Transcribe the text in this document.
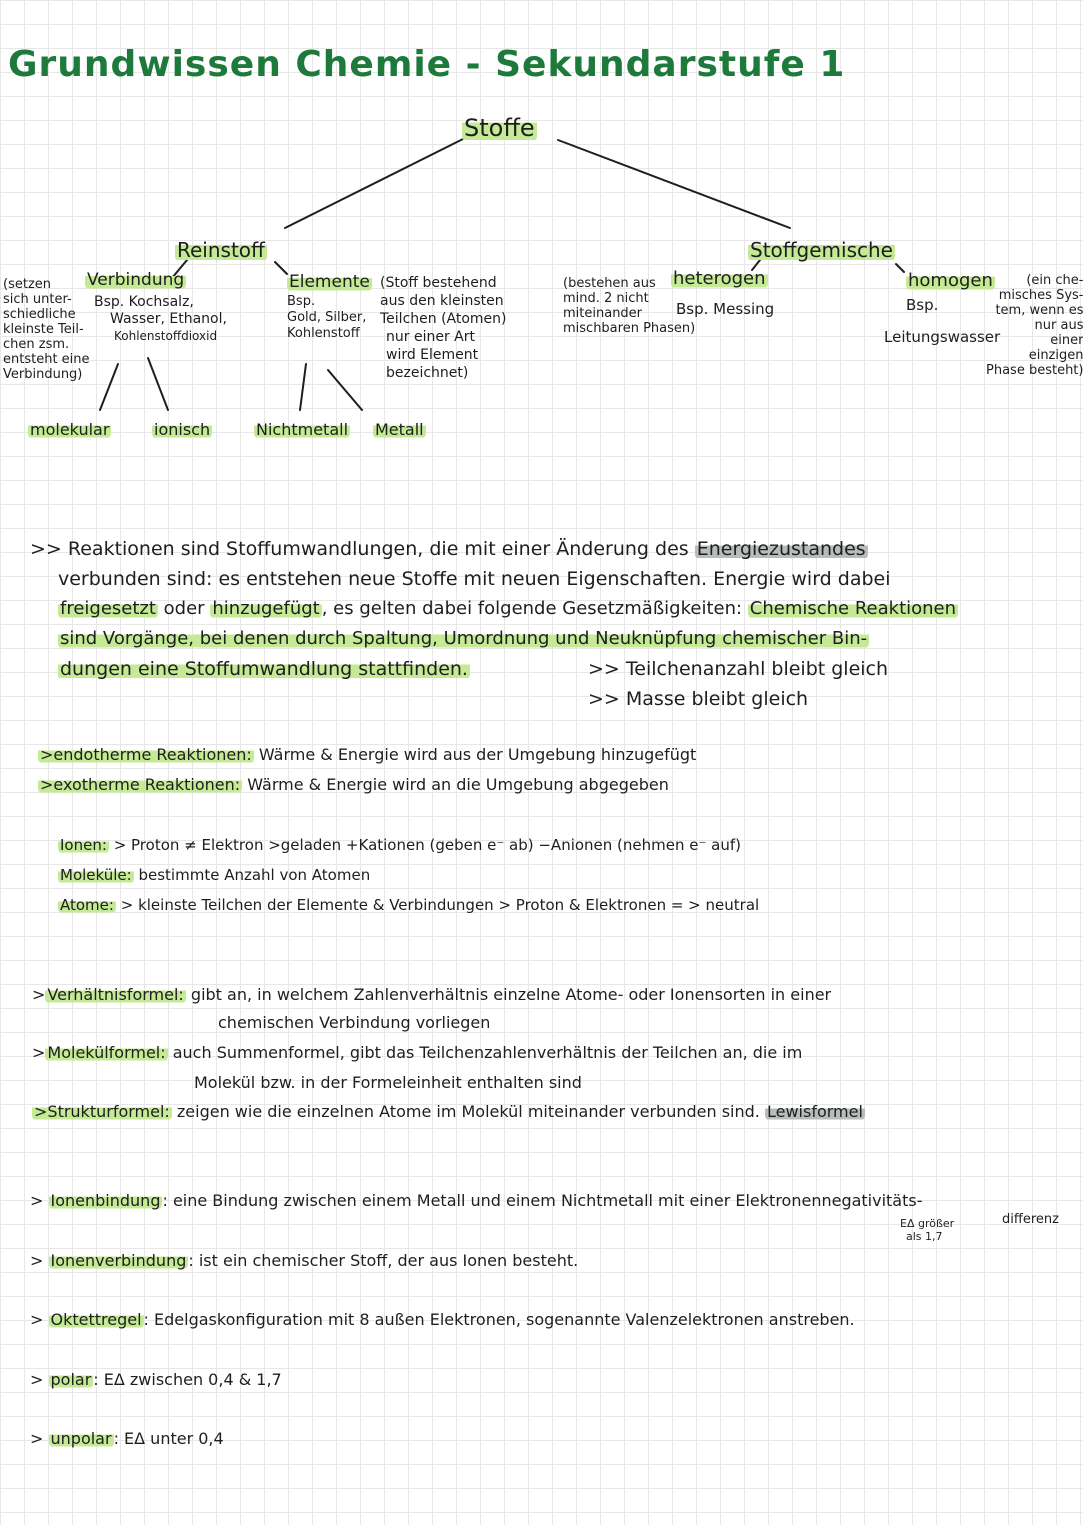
Grundwissen Chemie - Sekundarstufe 1
Stoffe
Reinstoff	Stoffgemische
(setzen
sich unter-
schiedliche
kleinste Teil-
chen zsm.
entsteht eine
Verbindung)
Verbindung
Bsp. Kochsalz,
Wasser, Ethanol,
Kohlenstoffdioxid
molekular	ionisch
Elemente
Bsp.
Gold, Silber,
Kohlenstoff
(Stoff bestehend
aus den kleinsten
Teilchen (Atomen)
nur einer Art
wird Element
bezeichnet)
Nichtmetall Metall
(bestehen aus
mind. 2 nicht
miteinander
mischbaren Phasen)
heterogen
Bsp. Messing
homogen
Bsp.
Leitungswasser
(ein che-
misches Sys-
tem, wenn es
nur aus
einer
einzigen
Phase besteht)
>> Reaktionen sind Stoffumwandlungen, die mit einer Änderung des Energiezustandes
verbunden sind: es entstehen neue Stoffe mit neuen Eigenschaften. Energie wird dabei
freigesetzt oder hinzugefügt , es gelten dabei folgende Gesetzmäßigkeiten: Chemische Reaktionen
sind Vorgänge, bei denen durch Spaltung, Umordnung und Neuknüpfung chemischer Bin-
dungen eine Stoffumwandlung stattfinden.	>> Teilchenanzahl bleibt gleich
>> Masse bleibt gleich
>endotherme Reaktionen: Wärme & Energie wird aus der Umgebung hinzugefügt
>exotherme Reaktionen: Wärme & Energie wird an die Umgebung abgegeben
Ionen: > Proton ≠ Elektron >geladen +Kationen (geben e⁻ ab) −Anionen (nehmen e⁻ auf)
Moleküle: bestimmte Anzahl von Atomen
Atome: > kleinste Teilchen der Elemente & Verbindungen > Proton & Elektronen = > neutral
> Verhältnisformel: gibt an, in welchem Zahlenverhältnis einzelne Atome- oder Ionensorten in einer
chemischen Verbindung vorliegen
> Molekülformel: auch Summenformel, gibt das Teilchenzahlenverhältnis der Teilchen an, die im
Molekül bzw. in der Formeleinheit enthalten sind
>Strukturformel: zeigen wie die einzelnen Atome im Molekül miteinander verbunden sind. Lewisformel
> Ionenbindung : eine Bindung zwischen einem Metall und einem Nichtmetall mit einer Elektronennegativitäts-
differenz
EΔ größer
als 1,7
> Ionenverbindung : ist ein chemischer Stoff, der aus Ionen besteht.
> Oktettregel : Edelgaskonfiguration mit 8 außen Elektronen, sogenannte Valenzelektronen anstreben.
> polar : EΔ zwischen 0,4 & 1,7
> unpolar : EΔ unter 0,4
